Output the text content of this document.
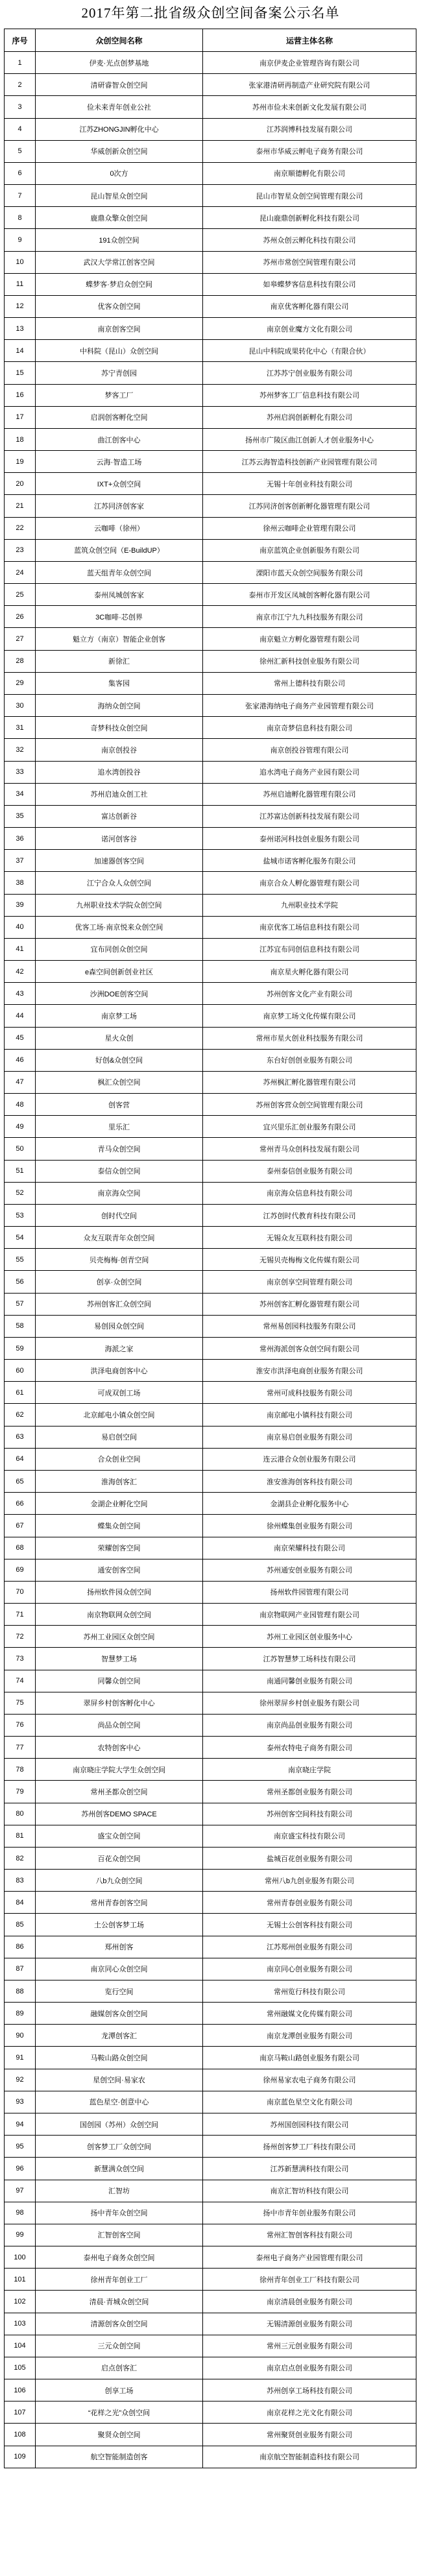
2017年第二批省级众创空间备案公示名单
序号	众创空间名称	运营主体名称
1	伊麦·光点创梦基地	南京伊麦企业管理咨询有限公司
2	清研睿智众创空间	张家港清研再制造产业研究院有限公司
3	俭未来青年创业公社	苏州市俭未来创新文化发展有限公司
4	江苏ZHONGJIN孵化中心	江苏润博科技发展有限公司
5	华威创新众创空间	泰州市华威云孵电子商务有限公司
6	0次方	南京顺德孵化有限公司
7	昆山智星众创空间	昆山市智星众创空间管理有限公司
8	鹿鼎众擎众创空间	昆山鹿鼎创新孵化科技有限公司
9	191众创空间	苏州众创云孵化科技有限公司
10	武汉大学常江创客空间	苏州市常创空间管理有限公司
11	蝶梦客·梦启众创空间	如皋蝶梦客信息科技有限公司
12	优客众创空间	南京优客孵化器有限公司
13	南京创客空间	南京创业魔方文化有限公司
14	中科院（昆山）众创空间	昆山中科院成果转化中心（有限合伙）
15	苏宁青创园	江苏苏宁创业服务有限公司
16	梦客工厂	苏州梦客工厂信息科技有限公司
17	启润创客孵化空间	苏州启润创新孵化有限公司
18	曲江创客中心	扬州市广陵区曲江创新人才创业服务中心
19	云海·智造工场	江苏云海智造科技创新产业园管理有限公司
20	IXT+众创空间	无锡十年创业科技有限公司
21	江苏同济创客家	江苏同济创客创新孵化器管理有限公司
22	云咖啡（徐州）	徐州云咖啡企业管理有限公司
23	蓝筑众创空间（E-BuildUP）	南京蓝筑企业创新服务有限公司
24	蓝天组青年众创空间	溧阳市蓝天众创空间服务有限公司
25	泰州凤城创客家	泰州市开发区凤城创客孵化器有限公司
26	3C咖啡·芯创界	南京市江宁九九科技服务有限公司
27	魁立方（南京）智能企业创客	南京魁立方孵化器管理有限公司
28	新徐汇	徐州汇新科技创业服务有限公司
29	集客园	常州上德科技有限公司
30	海纳众创空间	张家港海纳电子商务产业园管理有限公司
31	奇梦科技众创空间	南京奇梦信息科技有限公司
32	南京创投谷	南京创投谷管理有限公司
33	追水湾创投谷	追水湾电子商务产业园有限公司
34	苏州启迪众创工社	苏州启迪孵化器管理有限公司
35	富达创新谷	江苏富达创新科技发展有限公司
36	诺河创客谷	泰州诺河科技创业服务有限公司
37	加速器创客空间	盐城市诺客孵化服务有限公司
38	江宁合众人众创空间	南京合众人孵化器管理有限公司
39	九州职业技术学院众创空间	九州职业技术学院
40	优客工场·南京悦来众创空间	南京优客工场信息科技有限公司
41	宜布同创众创空间	江苏宜布同创信息科技有限公司
42	e森空间创新创业社区	南京星火孵化器有限公司
43	沙洲DOE创客空间	苏州创客文化产业有限公司
44	南京梦工场	南京梦工场文化传媒有限公司
45	星火众创	常州市星火创业科技服务有限公司
46	好创&众创空间	东台好创创业服务有限公司
47	枫汇众创空间	苏州枫汇孵化器管理有限公司
48	创客营	苏州创客营众创空间管理有限公司
49	里乐汇	宜兴里乐汇创业服务有限公司
50	青马众创空间	常州青马众创科技发展有限公司
51	泰信众创空间	泰州泰信创业服务有限公司
52	南京海众空间	南京海众信息科技有限公司
53	创时代空间	江苏创时代教育科技有限公司
54	众友互联青年众创空间	无锡众友互联科技有限公司
55	贝壳梅梅·创青空间	无锡贝壳梅梅文化传媒有限公司
56	创享·众创空间	南京创享空间管理有限公司
57	苏州创客汇众创空间	苏州创客汇孵化器管理有限公司
58	易创园众创空间	常州易创园科技服务有限公司
59	海派之家	常州海派创客众创空间有限公司
60	洪泽电商创客中心	淮安市洪泽电商创业服务有限公司
61	可成双创工场	常州可成科技服务有限公司
62	北京邮电小镇众创空间	南京邮电小镇科技有限公司
63	易启创空间	南京易启创业服务有限公司
64	合众创业空间	连云港合众创业服务有限公司
65	淮海创客汇	淮安淮海创客科技有限公司
66	金湖企业孵化空间	金湖县企业孵化服务中心
67	蝶集众创空间	徐州蝶集创业服务有限公司
68	荣耀创客空间	南京荣耀科技有限公司
69	通安创客空间	苏州通安创业服务有限公司
70	扬州软件园众创空间	扬州软件园管理有限公司
71	南京物联网众创空间	南京物联网产业园管理有限公司
72	苏州工业园区众创空间	苏州工业园区创业服务中心
73	智慧梦工场	江苏智慧梦工场科技有限公司
74	同馨众创空间	南通同馨创业服务有限公司
75	翠屏乡村创客孵化中心	徐州翠屏乡村创业服务有限公司
76	尚品众创空间	南京尚品创业服务有限公司
77	农特创客中心	泰州农特电子商务有限公司
78	南京晓庄学院大学生众创空间	南京晓庄学院
79	常州圣都众创空间	常州圣都创业服务有限公司
80	苏州创客DEMO SPACE	苏州创客空间科技有限公司
81	盛宝众创空间	南京盛宝科技有限公司
82	百花众创空间	盐城百花创业服务有限公司
83	八b九众创空间	常州八b九创业服务有限公司
84	常州青春创客空间	常州青春创业服务有限公司
85	土公创客梦工场	无锡土公创客科技有限公司
86	郑州创客	江苏郑州创业服务有限公司
87	南京同心众创空间	南京同心创业服务有限公司
88	览行空间	常州览行科技有限公司
89	融媒创客众创空间	常州融媒文化传媒有限公司
90	龙潭创客汇	南京龙潭创业服务有限公司
91	马鞍山路众创空间	南京马鞍山路创业服务有限公司
92	星创空间·易家农	徐州易家农电子商务有限公司
93	蓝色星空·创意中心	南京蓝色星空文化有限公司
94	国创园（苏州）众创空间	苏州国创园科技有限公司
95	创客梦工厂众创空间	扬州创客梦工厂科技有限公司
96	新慧满众创空间	江苏新慧满科技有限公司
97	汇智坊	南京汇智坊科技有限公司
98	扬中青年众创空间	扬中市青年创业服务有限公司
99	汇智创客空间	常州汇智创客科技有限公司
100	泰州电子商务众创空间	泰州电子商务产业园管理有限公司
101	徐州青年创业工厂	徐州青年创业工厂科技有限公司
102	清晨·青城众创空间	南京清晨创业服务有限公司
103	清源创客众创空间	无锡清源创业服务有限公司
104	三元众创空间	常州三元创业服务有限公司
105	启点创客汇	南京启点创业服务有限公司
106	创享工场	苏州创享工场科技有限公司
107	“花样之光”众创空间	南京花样之光文化有限公司
108	聚贤众创空间	常州聚贤创业服务有限公司
109	航空智能制造创客	南京航空智能制造科技有限公司
